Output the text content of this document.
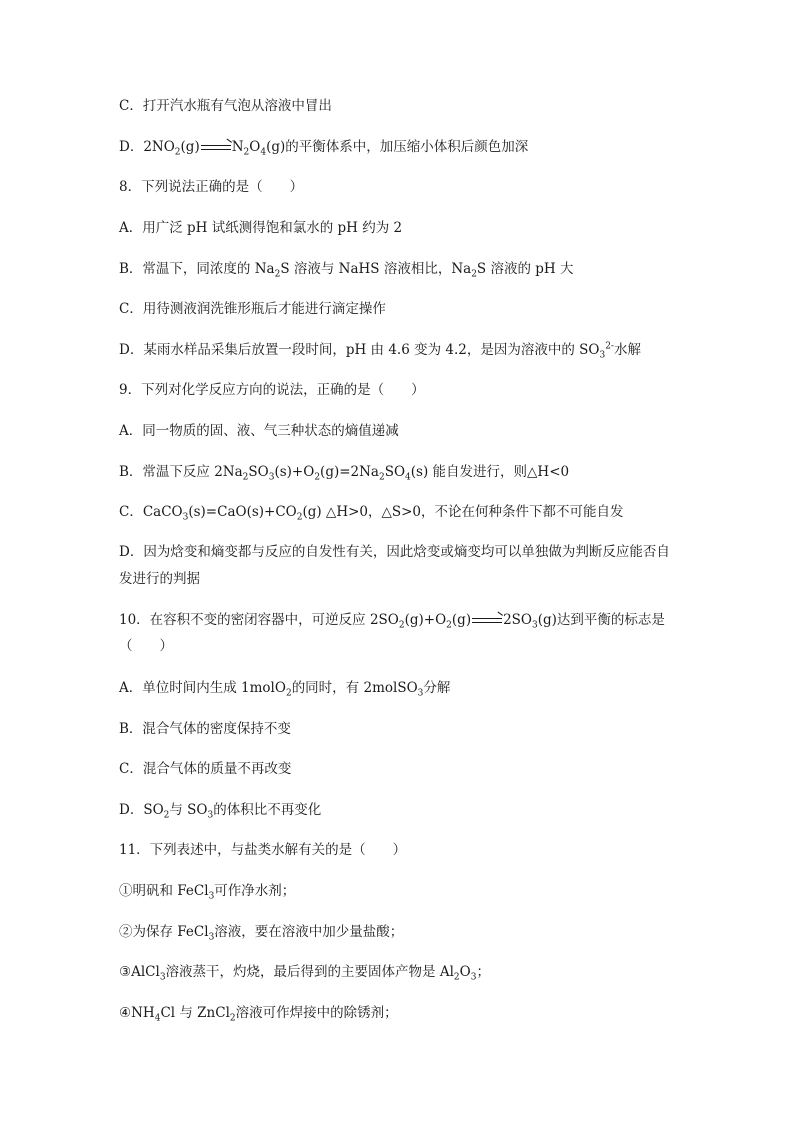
C．打开汽水瓶有气泡从溶液中冒出
D．$2NO_2(g)\to N_2O_4(g)$的平衡体系中，加压缩小体积后颜色加深
8．下列说法正确的是（　　）
A．用广泛 pH 试纸测得饱和氯水的 pH 约为 2
B．常温下，同浓度的 $Na_2S$ 溶液与 NaHS 溶液相比，$Na_2S$ 溶液的 pH 大
C．用待测液润洗锥形瓶后才能进行滴定操作
D．某雨水样品采集后放置一段时间，pH 由 4.6 变为 4.2，是因为溶液中的 $SO_3^{2-}$水解
9．下列对化学反应方向的说法，正确的是（　　）
A．同一物质的固、液、气三种状态的熵值递减
B．常温下反应 $2Na_2SO_3(s)+O_2(g)=2Na_2SO_4(s)$ 能自发进行，则△H<0
C．$CaCO_3(s)=CaO(s)+CO_2(g)$ △H>0，△S>0，不论在何种条件下都不可能自发
D．因为焓变和熵变都与反应的自发性有关，因此焓变或熵变均可以单独做为判断反应能否自发进行的判据
10．在容积不变的密闭容器中，可逆反应 $2SO_2(g)+O_2(g)\to 2SO_3(g)$达到平衡的标志是
（　　）
A．单位时间内生成 1molO$_2$的同时，有 2molSO$_3$分解
B．混合气体的密度保持不变
C．混合气体的质量不再改变
D．$SO_2$与 $SO_3$的体积比不再变化
11．下列表述中，与盐类水解有关的是（　　）
①明矾和 FeCl$_3$可作净水剂；
②为保存 FeCl$_3$溶液，要在溶液中加少量盐酸；
③AlCl$_3$溶液蒸干，灼烧，最后得到的主要固体产物是 $Al_2O_3$；
$④NH_4Cl$ 与 ZnCl$_2$溶液可作焊接中的除锈剂；
